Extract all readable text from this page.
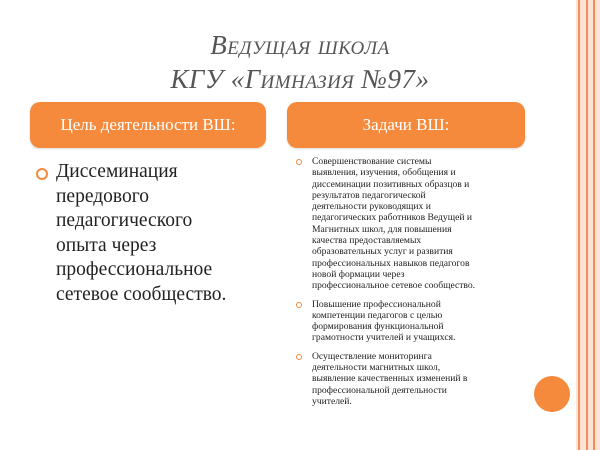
Ведущая школа
КГУ «Гимназия №97»
Цель деятельности ВШ:	Задачи ВШ:
Диссеминация
передового
педагогического
опыта через
профессиональное
сетевое сообщество.
Совершенствование системы
выявления, изучения, обобщения и
диссеминации позитивных образцов и
результатов педагогической
деятельности руководящих и
педагогических работников Ведущей и
Магнитных школ, для повышения
качества предоставляемых
образовательных услуг и развития
профессиональных навыков педагогов
новой формации через
профессиональное сетевое сообщество.
Повышение профессиональной
компетенции педагогов с целью
формирования функциональной
грамотности учителей и учащихся.
Осуществление мониторинга
деятельности магнитных школ,
выявление качественных изменений в
профессиональной деятельности
учителей.
